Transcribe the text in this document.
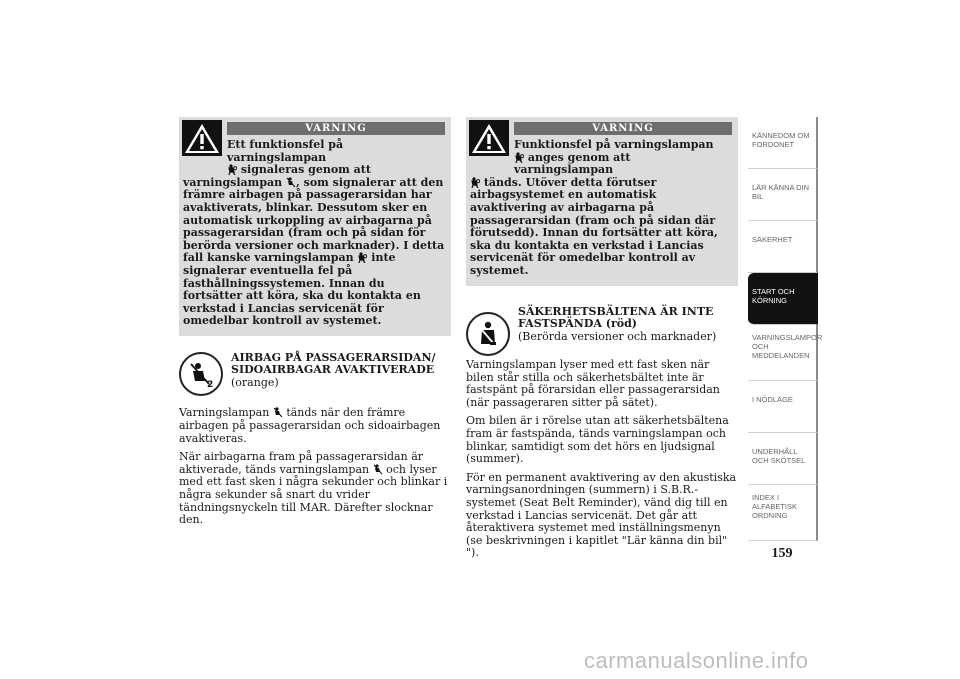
VARNING
Ett funktionsfel på varningslampan
signaleras genom att
varningslampan , som signalerar att den
främre airbagen på passagerarsidan har avaktiverats, blinkar. Dessutom sker en automatisk urkoppling av airbagarna på passagerarsidan (fram och på sidan för berörda versioner och marknader). I detta fall kanske varningslampan inte signalerar eventuella fel på fasthållningssystemen. Innan du fortsätter att köra, ska du kontakta en verkstad i Lancias servicenät för omedelbar kontroll av systemet.
2
AIRBAG PÅ PASSAGERARSIDAN/ SIDOAIRBAGAR AVAKTIVERADE
(orange)

Varningslampan tänds när den främre airbagen på passagerarsidan och sidoairbagen avaktiveras.

När airbagarna fram på passagerarsidan är aktiverade, tänds varningslampan och lyser med ett fast sken i några sekunder och blinkar i några sekunder så snart du vrider tändningsnyckeln till MAR. Därefter slocknar den.

VARNING
Funktionsfel på varningslampan
anges genom att varningslampan
tänds. Utöver detta förutser airbagsystemet en automatisk avaktivering av airbagarna på passagerarsidan (fram och på sidan där förutsedd). Innan du fortsätter att köra, ska du kontakta en verkstad i Lancias servicenät för omedelbar kontroll av systemet.
SÄKERHETSBÄLTENA ÄR INTE FASTSPÄNDA (röd)
(Berörda versioner och marknader)

Varningslampan lyser med ett fast sken när bilen står stilla och säkerhetsbältet inte är fastspänt på förarsidan eller passagerarsidan (när passageraren sitter på sätet).

Om bilen är i rörelse utan att säkerhetsbältena fram är fastspända, tänds varningslampan och blinkar, samtidigt som det hörs en ljudsignal (summer).

För en permanent avaktivering av den akustiska varningsanordningen (summern) i S.B.R.-systemet (Seat Belt Reminder), vänd dig till en verkstad i Lancias servicenät. Det går att återaktivera systemet med inställningsmenyn (se beskrivningen i kapitlet "Lär känna din bil" ").

KÄNNEDOM OM FORDONET
LÄR KÄNNA DIN BIL
SÄKERHET
START OCH KÖRNING
VARNINGSLAMPOR OCH MEDDELANDEN
I NÖDLÄGE
UNDERHÅLL OCH SKÖTSEL
INDEX I ALFABETISK ORDNING
159
carmanualsonline.info
